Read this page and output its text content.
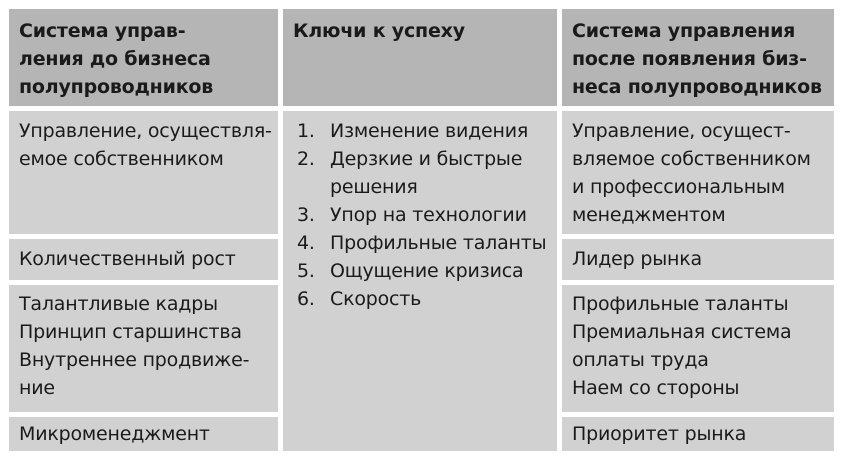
Система управ-
ления до бизнеса
полупроводников
Ключи к успеху	Система управления
после появления биз-
неса полупроводников
Управление, осуществля-
емое собственником
Количественный рост
Талантливые кадры
Принцип старшинства
Внутреннее продвиже-
ние
Микроменеджмент
1. Изменение видения
2. Дерзкие и быстрые
решения
3. Упор на технологии
4. Профильные таланты
5. Ощущение кризиса
6. Скорость
Управление, осущест-
вляемое собственником
и профессиональным
менеджментом
Лидер рынка
Профильные таланты
Премиальная система
оплаты труда
Наем со стороны
Приоритет рынка
